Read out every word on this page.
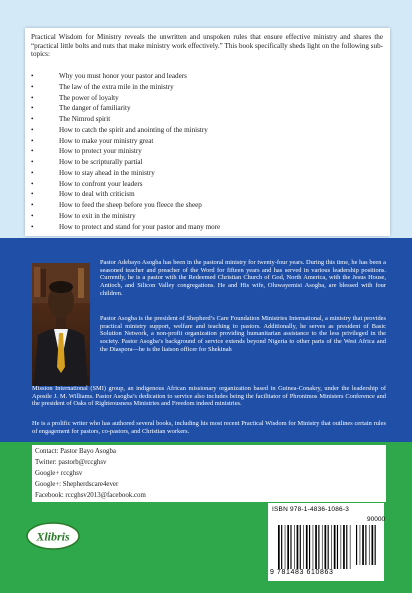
Practical Wisdom for Ministry reveals the unwritten and unspoken rules that ensure effective ministry and shares the “practical little bolts and nuts that make ministry work effectively.” This book specifically sheds light on the following sub-topics:

•	Why you must honor your pastor and leaders
•	The law of the extra mile in the ministry
•	The power of loyalty
•	The danger of familiarity
•	The Nimrod spirit
•	How to catch the spirit and anointing of the ministry
•	How to make your ministry great
•	How to protect your ministry
•	How to be scripturally partial
•	How to stay ahead in the ministry
•	How to confront your leaders
•	How to deal with criticism
•	How to feed the sheep before you fleece the sheep
•	How to exit in the ministry
•	How to protect and stand for your pastor and many more

Pastor Adebayo Asogba has been in the pastoral ministry for twenty-four years. During this time, he has been a seasoned teacher and preacher of the Word for fifteen years and has served in various leadership positions. Currently, he is a pastor with the Redeemed Christian Church of God, North America, with the Jesus House, Antioch, and Silicon Valley congregations. He and His wife, Oluwayemisi Asogba, are blessed with four children.

Pastor Asogba is the president of Shepherd’s Care Foundation Ministries International, a ministry that provides practical ministry support, welfare and teaching to pastors. Additionally, he serves as president of Basic Solution Network, a non-profit organization providing humanitarian assistance to the less privileged in the society. Pastor Asogba’s background of service extends beyond Nigeria to other parts of the West Africa and the Diaspora—he is the liaison officer for Shekinah

Mission International (SMI) group, an indigenous African missionary organization based in Guinea-Conakry, under the leadership of Apostle J. M. Williams. Pastor Asogba’s dedication to service also includes being the facilitator of Phronimos Ministers Conference and the president of Oaks of Righteousness Ministries and Freedom indeed ministries.

He is a prolific writer who has authored several books, including his most recent Practical Wisdom for Ministry that outlines certain rules of engagement for pastors, co-pastors, and Christian workers.

Contact: Pastor Bayo Asogba
Twitter: pastorb@rccghsv
Google+ rccghsv
Google+: Shepherdscare4ever
Facebook: rccghsv2013@facebook.com
Xlibris
ISBN 978-1-4836-1086-3
90000
9 781483 610863
